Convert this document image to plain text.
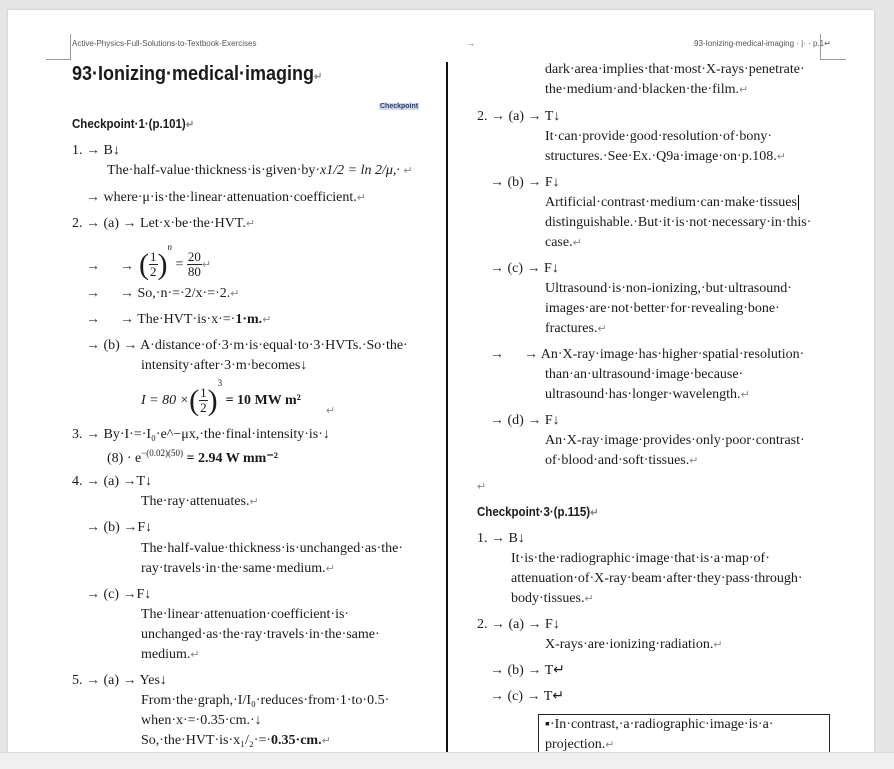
Active-Physics-Full-Solutions-to-Textbook-Exercises	→	93-Ionizing-medical-imaging · |· · p.1↵
93·Ionizing·medical·imaging↵
Checkpoint
Checkpoint·1·(p.101)↵
1. → B↓
The·half-value·thickness·is·given·by·x1/2 = ln 2/μ,· ↵
→ where·μ·is·the·linear·attenuation·coefficient.↵
2. → (a) → Let·x·be·the·HVT.↵
→ → ( $\frac{1}{2} )^n = \frac{20}{80}$ ↵
→ → So,·n·=·2/x·=·2.↵
→ → The·HVT·is·x·=·1·m.↵
→ (b) → A·distance·of·3·m·is·equal·to·3·HVTs.·So·the·
intensity·after·3·m·becomes↓
I = 80 ×( $\frac{1}{2} )^3 = 10$ MW m²
↵
3. → By·I·=·I₀·e^−μx,·the·final·intensity·is·↓
$(8) \cdot e^{-(0.02)(50)} = 2.94$ W mm⁻²
4. → (a) →T↓
The·ray·attenuates.↵
→ (b) →F↓
The·half-value·thickness·is·unchanged·as·the·
ray·travels·in·the·same·medium.↵
→ (c) →F↓
The·linear·attenuation·coefficient·is·
unchanged·as·the·ray·travels·in·the·same·
medium.↵
5. → (a) → Yes↓
From·the·graph,·I/I₀·reduces·from·1·to·0.5·
when·x·=·0.35·cm.·↓
So,·the·HVT·is·x₁/₂·=·0.35·cm.↵
dark·area·implies·that·most·X-rays·penetrate·
the·medium·and·blacken·the·film.↵
2. → (a) → T↓
It·can·provide·good·resolution·of·bony·
structures.·See·Ex.·Q9a·image·on·p.108.↵
→ (b) → F↓
Artificial·contrast·medium·can·make·tissues
distinguishable.·But·it·is·not·necessary·in·this·
case.↵
→ (c) → F↓
Ultrasound·is·non-ionizing,·but·ultrasound·
images·are·not·better·for·revealing·bone·
fractures.↵
→ → An·X-ray·image·has·higher·spatial·resolution·
than·an·ultrasound·image·because·
ultrasound·has·longer·wavelength.↵
→ (d) → F↓
An·X-ray·image·provides·only·poor·contrast·
of·blood·and·soft·tissues.↵
↵
Checkpoint·3·(p.115)↵
1. → B↓
It·is·the·radiographic·image·that·is·a·map·of·
attenuation·of·X-ray·beam·after·they·pass·through·
body·tissues.↵
2. → (a) → F↓
X-rays·are·ionizing·radiation.↵
→ (b) → T↵
→ (c) → T↵
▪·In·contrast,·a·radiographic·image·is·a·
projection.↵
